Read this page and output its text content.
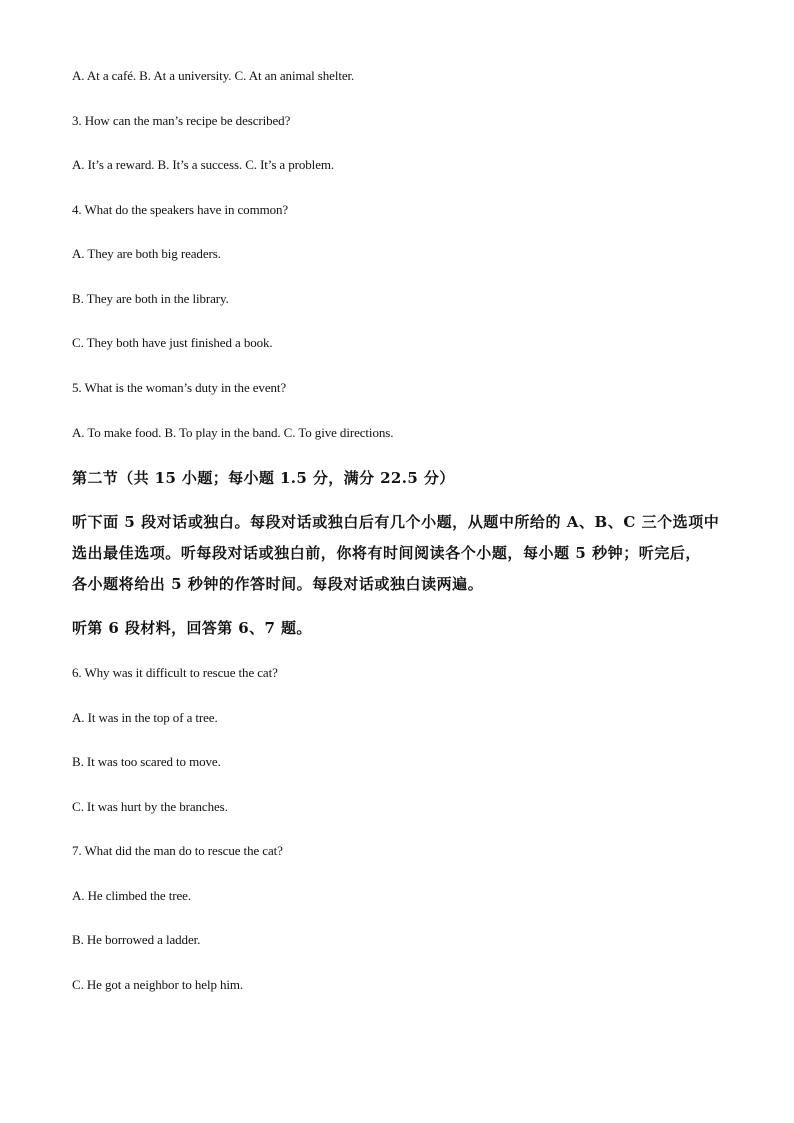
A. At a café. B. At a university. C. At an animal shelter.
3. How can the man’s recipe be described?
A. It’s a reward. B. It’s a success. C. It’s a problem.
4. What do the speakers have in common?
A. They are both big readers.
B. They are both in the library.
C. They both have just finished a book.
5. What is the woman’s duty in the event?
A. To make food. B. To play in the band. C. To give directions.
第二节（共 15 小题；每小题 1.5 分，满分 22.5 分）
听下面 5 段对话或独白。每段对话或独白后有几个小题，从题中所给的 A、B、C 三个选项中
选出最佳选项。听每段对话或独白前，你将有时间阅读各个小题，每小题 5 秒钟；听完后，
各小题将给出 5 秒钟的作答时间。每段对话或独白读两遍。
听第 6 段材料，回答第 6、7 题。
6. Why was it difficult to rescue the cat?
A. It was in the top of a tree.
B. It was too scared to move.
C. It was hurt by the branches.
7. What did the man do to rescue the cat?
A. He climbed the tree.
B. He borrowed a ladder.
C. He got a neighbor to help him.
